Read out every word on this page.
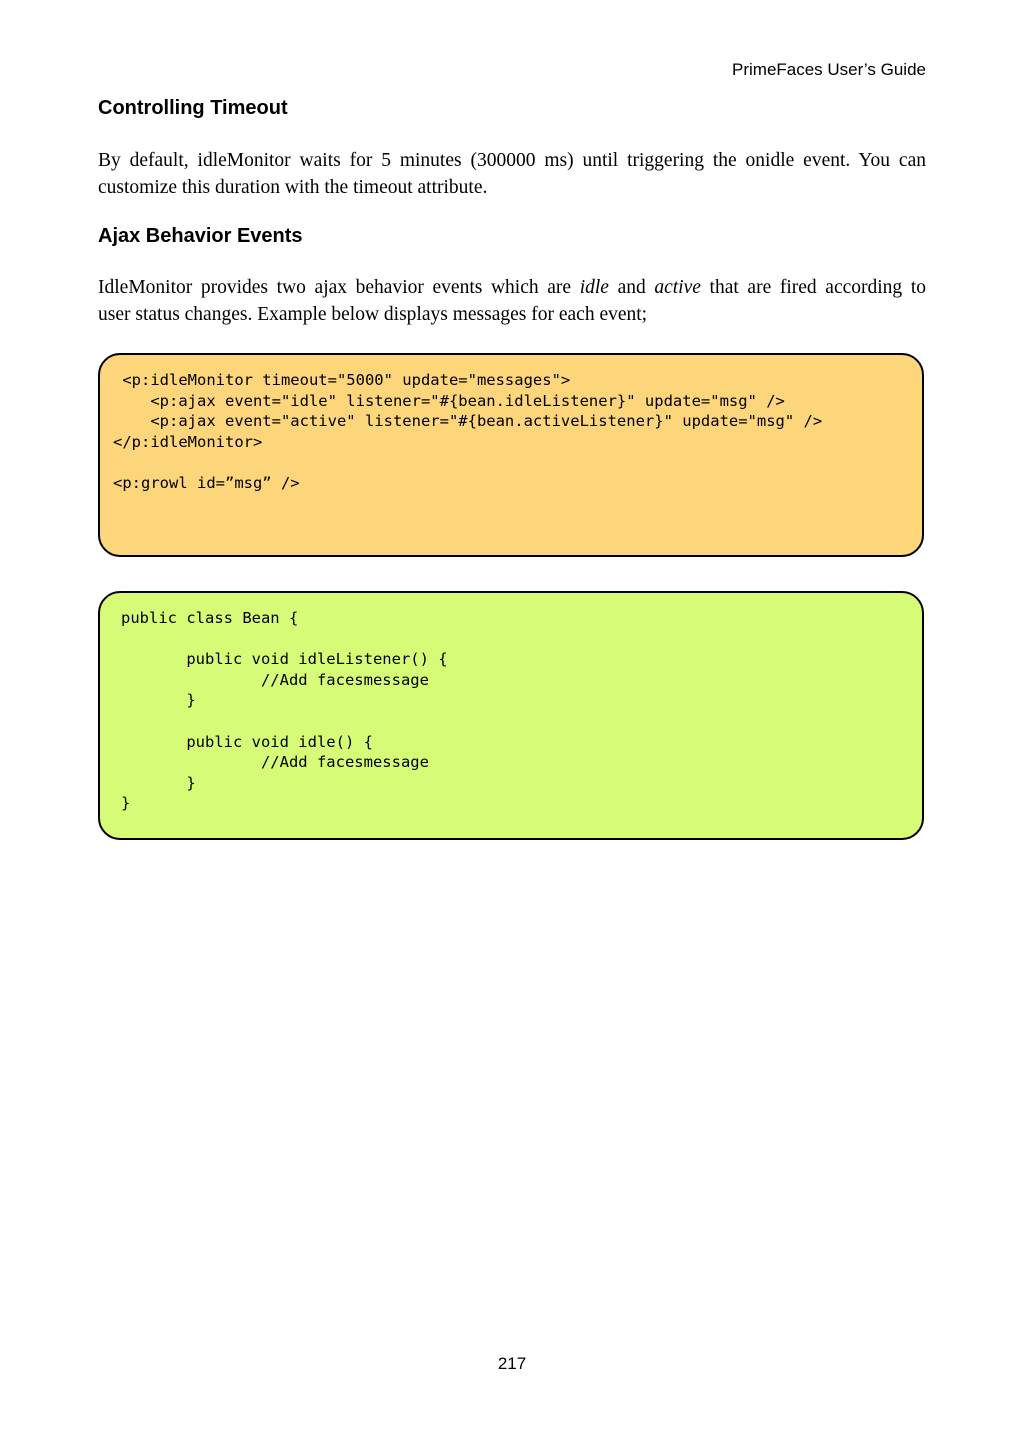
PrimeFaces User’s Guide
Controlling Timeout

By default, idleMonitor waits for 5 minutes (300000 ms) until triggering the onidle event. You can
customize this duration with the timeout attribute.

Ajax Behavior Events

IdleMonitor provides two ajax behavior events which are idle and active that are fired according to
user status changes. Example below displays messages for each event;

<p:idleMonitor timeout="5000" update="messages">
<p:ajax event="idle" listener="#{bean.idleListener}" update="msg" />
<p:ajax event="active" listener="#{bean.activeListener}" update="msg" />
</p:idleMonitor>

<p:growl id=”msg” />
public class Bean {

public void idleListener() {
//Add facesmessage
}

public void idle() {
//Add facesmessage
}
}
217
